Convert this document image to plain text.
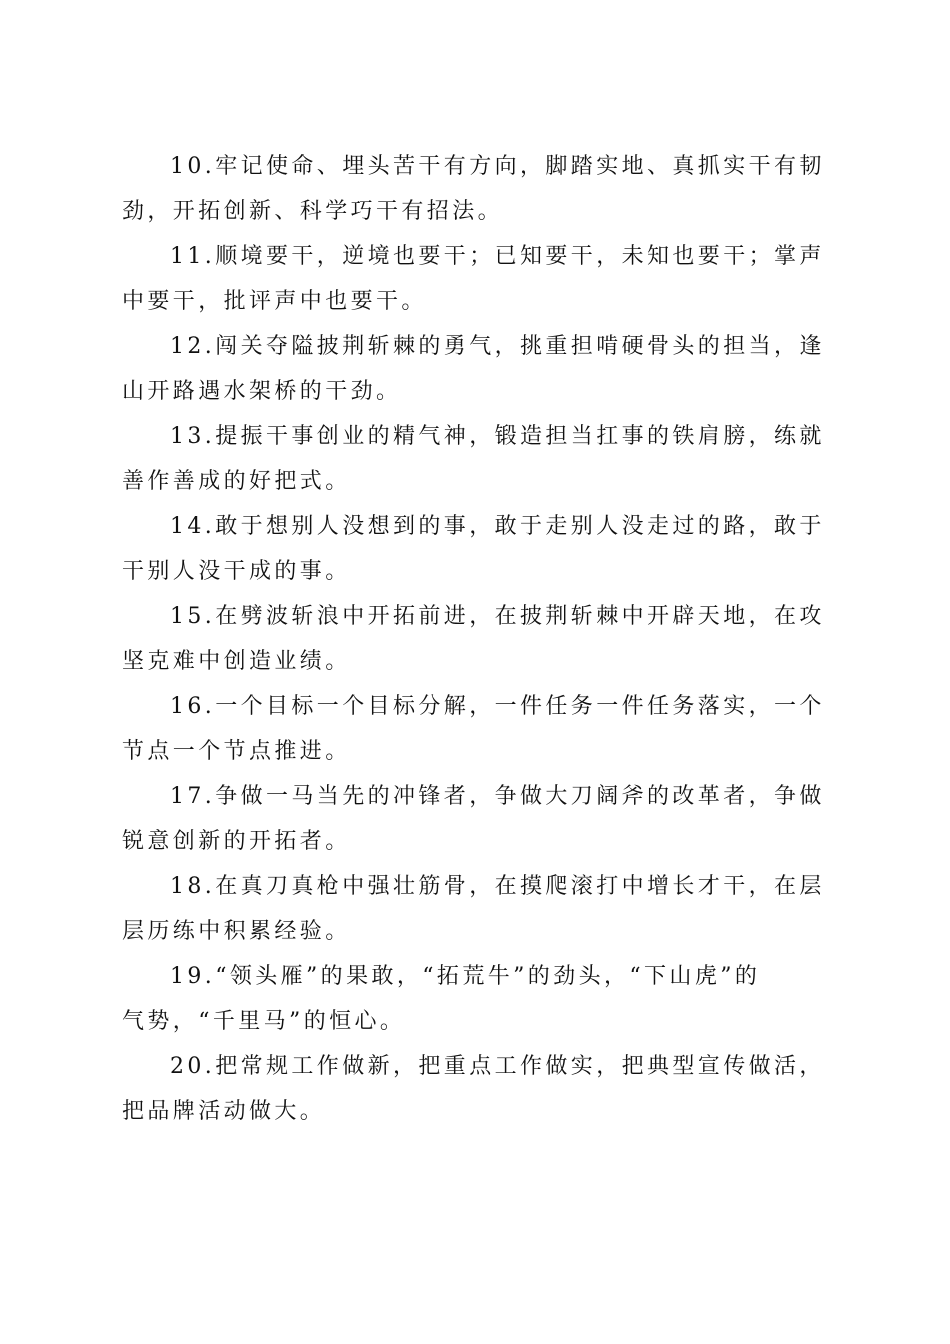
10.牢记使命、埋头苦干有方向，脚踏实地、真抓实干有韧 劲，开拓创新、科学巧干有招法。

11.顺境要干，逆境也要干；已知要干，未知也要干；掌声 中要干，批评声中也要干。

12.闯关夺隘披荆斩棘的勇气，挑重担啃硬骨头的担当，逢 山开路遇水架桥的干劲。

13.提振干事创业的精气神，锻造担当扛事的铁肩膀，练就 善作善成的好把式。

14.敢于想别人没想到的事，敢于走别人没走过的路，敢于 干别人没干成的事。

15.在劈波斩浪中开拓前进，在披荆斩棘中开辟天地，在攻 坚克难中创造业绩。

16.一个目标一个目标分解，一件任务一件任务落实，一个 节点一个节点推进。

17.争做一马当先的冲锋者，争做大刀阔斧的改革者，争做 锐意创新的开拓者。

18.在真刀真枪中强壮筋骨，在摸爬滚打中增长才干，在层 层历练中积累经验。

19.“领头雁”的果敢，“拓荒牛”的劲头，“下山虎”的 气势，“千里马”的恒心。

20.把常规工作做新，把重点工作做实，把典型宣传做活， 把品牌活动做大。
